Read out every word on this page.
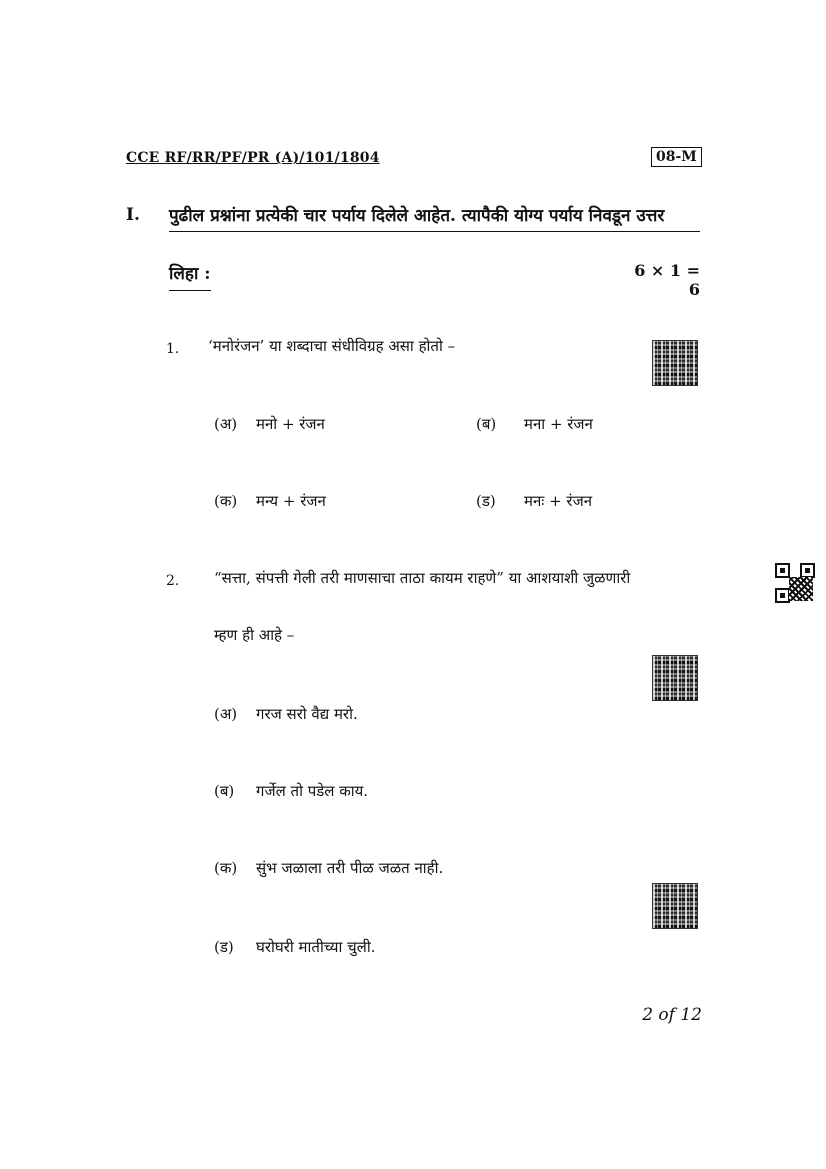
CCE RF/RR/PF/PR (A)/101/1804	08-M
I. पुढील प्रश्नांना प्रत्येकी चार पर्याय दिलेले आहेत. त्यापैकी योग्य पर्याय निवडून उत्तर
लिहा :	6 × 1 = 6
1. ‘मनोरंजन’ या शब्दाचा संधीविग्रह असा होतो –
(अ) मनो + रंजन	(ब) मना + रंजन
(क) मन्य + रंजन	(ड) मनः + रंजन
2. “सत्ता, संपत्ती गेली तरी माणसाचा ताठा कायम राहणे” या आशयाशी जुळणारी
म्हण ही आहे –
(अ) गरज सरो वैद्य मरो.
(ब) गर्जेल तो पडेल काय.
(क) सुंभ जळाला तरी पीळ जळत नाही.
(ड) घरोघरी मातीच्या चुली.
2 of 12
